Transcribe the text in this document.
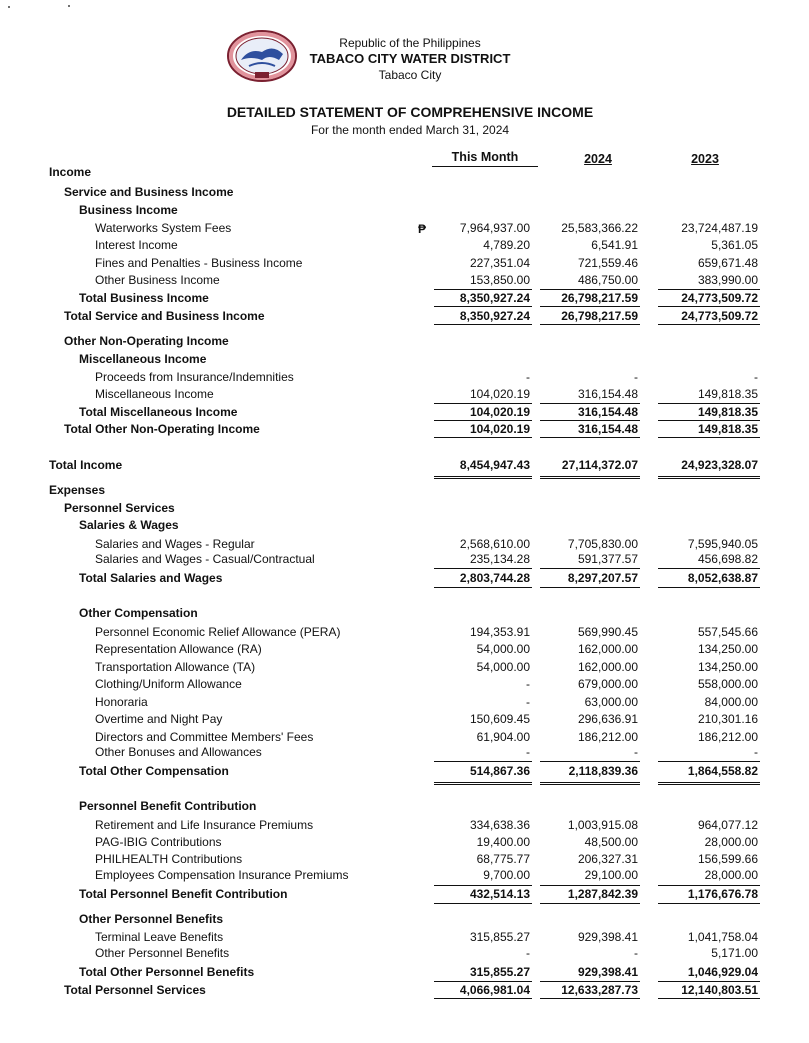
Republic of the Philippines
TABACO CITY WATER DISTRICT
Tabaco City
DETAILED STATEMENT OF COMPREHENSIVE INCOME
For the month ended March 31, 2024
This Month	2024	2023
₱
Income
Service and Business Income
Business Income
Waterworks System Fees	7,964,937.00	25,583,366.22	23,724,487.19
Interest Income	4,789.20	6,541.91	5,361.05
Fines and Penalties - Business Income	227,351.04	721,559.46	659,671.48
Other Business Income	153,850.00	486,750.00	383,990.00
Total Business Income	8,350,927.24	26,798,217.59	24,773,509.72
Total Service and Business Income	8,350,927.24	26,798,217.59	24,773,509.72
Other Non-Operating Income
Miscellaneous Income
Proceeds from Insurance/Indemnities	-	-	-
Miscellaneous Income	104,020.19	316,154.48	149,818.35
Total Miscellaneous Income	104,020.19	316,154.48	149,818.35
Total Other Non-Operating Income	104,020.19	316,154.48	149,818.35
Total Income	8,454,947.43	27,114,372.07	24,923,328.07
Expenses
Personnel Services
Salaries & Wages
Salaries and Wages - Regular	2,568,610.00	7,705,830.00	7,595,940.05
Salaries and Wages - Casual/Contractual	235,134.28	591,377.57	456,698.82
Total Salaries and Wages	2,803,744.28	8,297,207.57	8,052,638.87
Other Compensation
Personnel Economic Relief Allowance (PERA)	194,353.91	569,990.45	557,545.66
Representation Allowance (RA)	54,000.00	162,000.00	134,250.00
Transportation Allowance (TA)	54,000.00	162,000.00	134,250.00
Clothing/Uniform Allowance	-	679,000.00	558,000.00
Honoraria	-	63,000.00	84,000.00
Overtime and Night Pay	150,609.45	296,636.91	210,301.16
Directors and Committee Members' Fees	61,904.00	186,212.00	186,212.00
Other Bonuses and Allowances	-	-	-
Total Other Compensation	514,867.36	2,118,839.36	1,864,558.82
Personnel Benefit Contribution
Retirement and Life Insurance Premiums	334,638.36	1,003,915.08	964,077.12
PAG-IBIG Contributions	19,400.00	48,500.00	28,000.00
PHILHEALTH Contributions	68,775.77	206,327.31	156,599.66
Employees Compensation Insurance Premiums	9,700.00	29,100.00	28,000.00
Total Personnel Benefit Contribution	432,514.13	1,287,842.39	1,176,676.78
Other Personnel Benefits
Terminal Leave Benefits	315,855.27	929,398.41	1,041,758.04
Other Personnel Benefits	-	-	5,171.00
Total Other Personnel Benefits	315,855.27	929,398.41	1,046,929.04
Total Personnel Services	4,066,981.04	12,633,287.73	12,140,803.51
